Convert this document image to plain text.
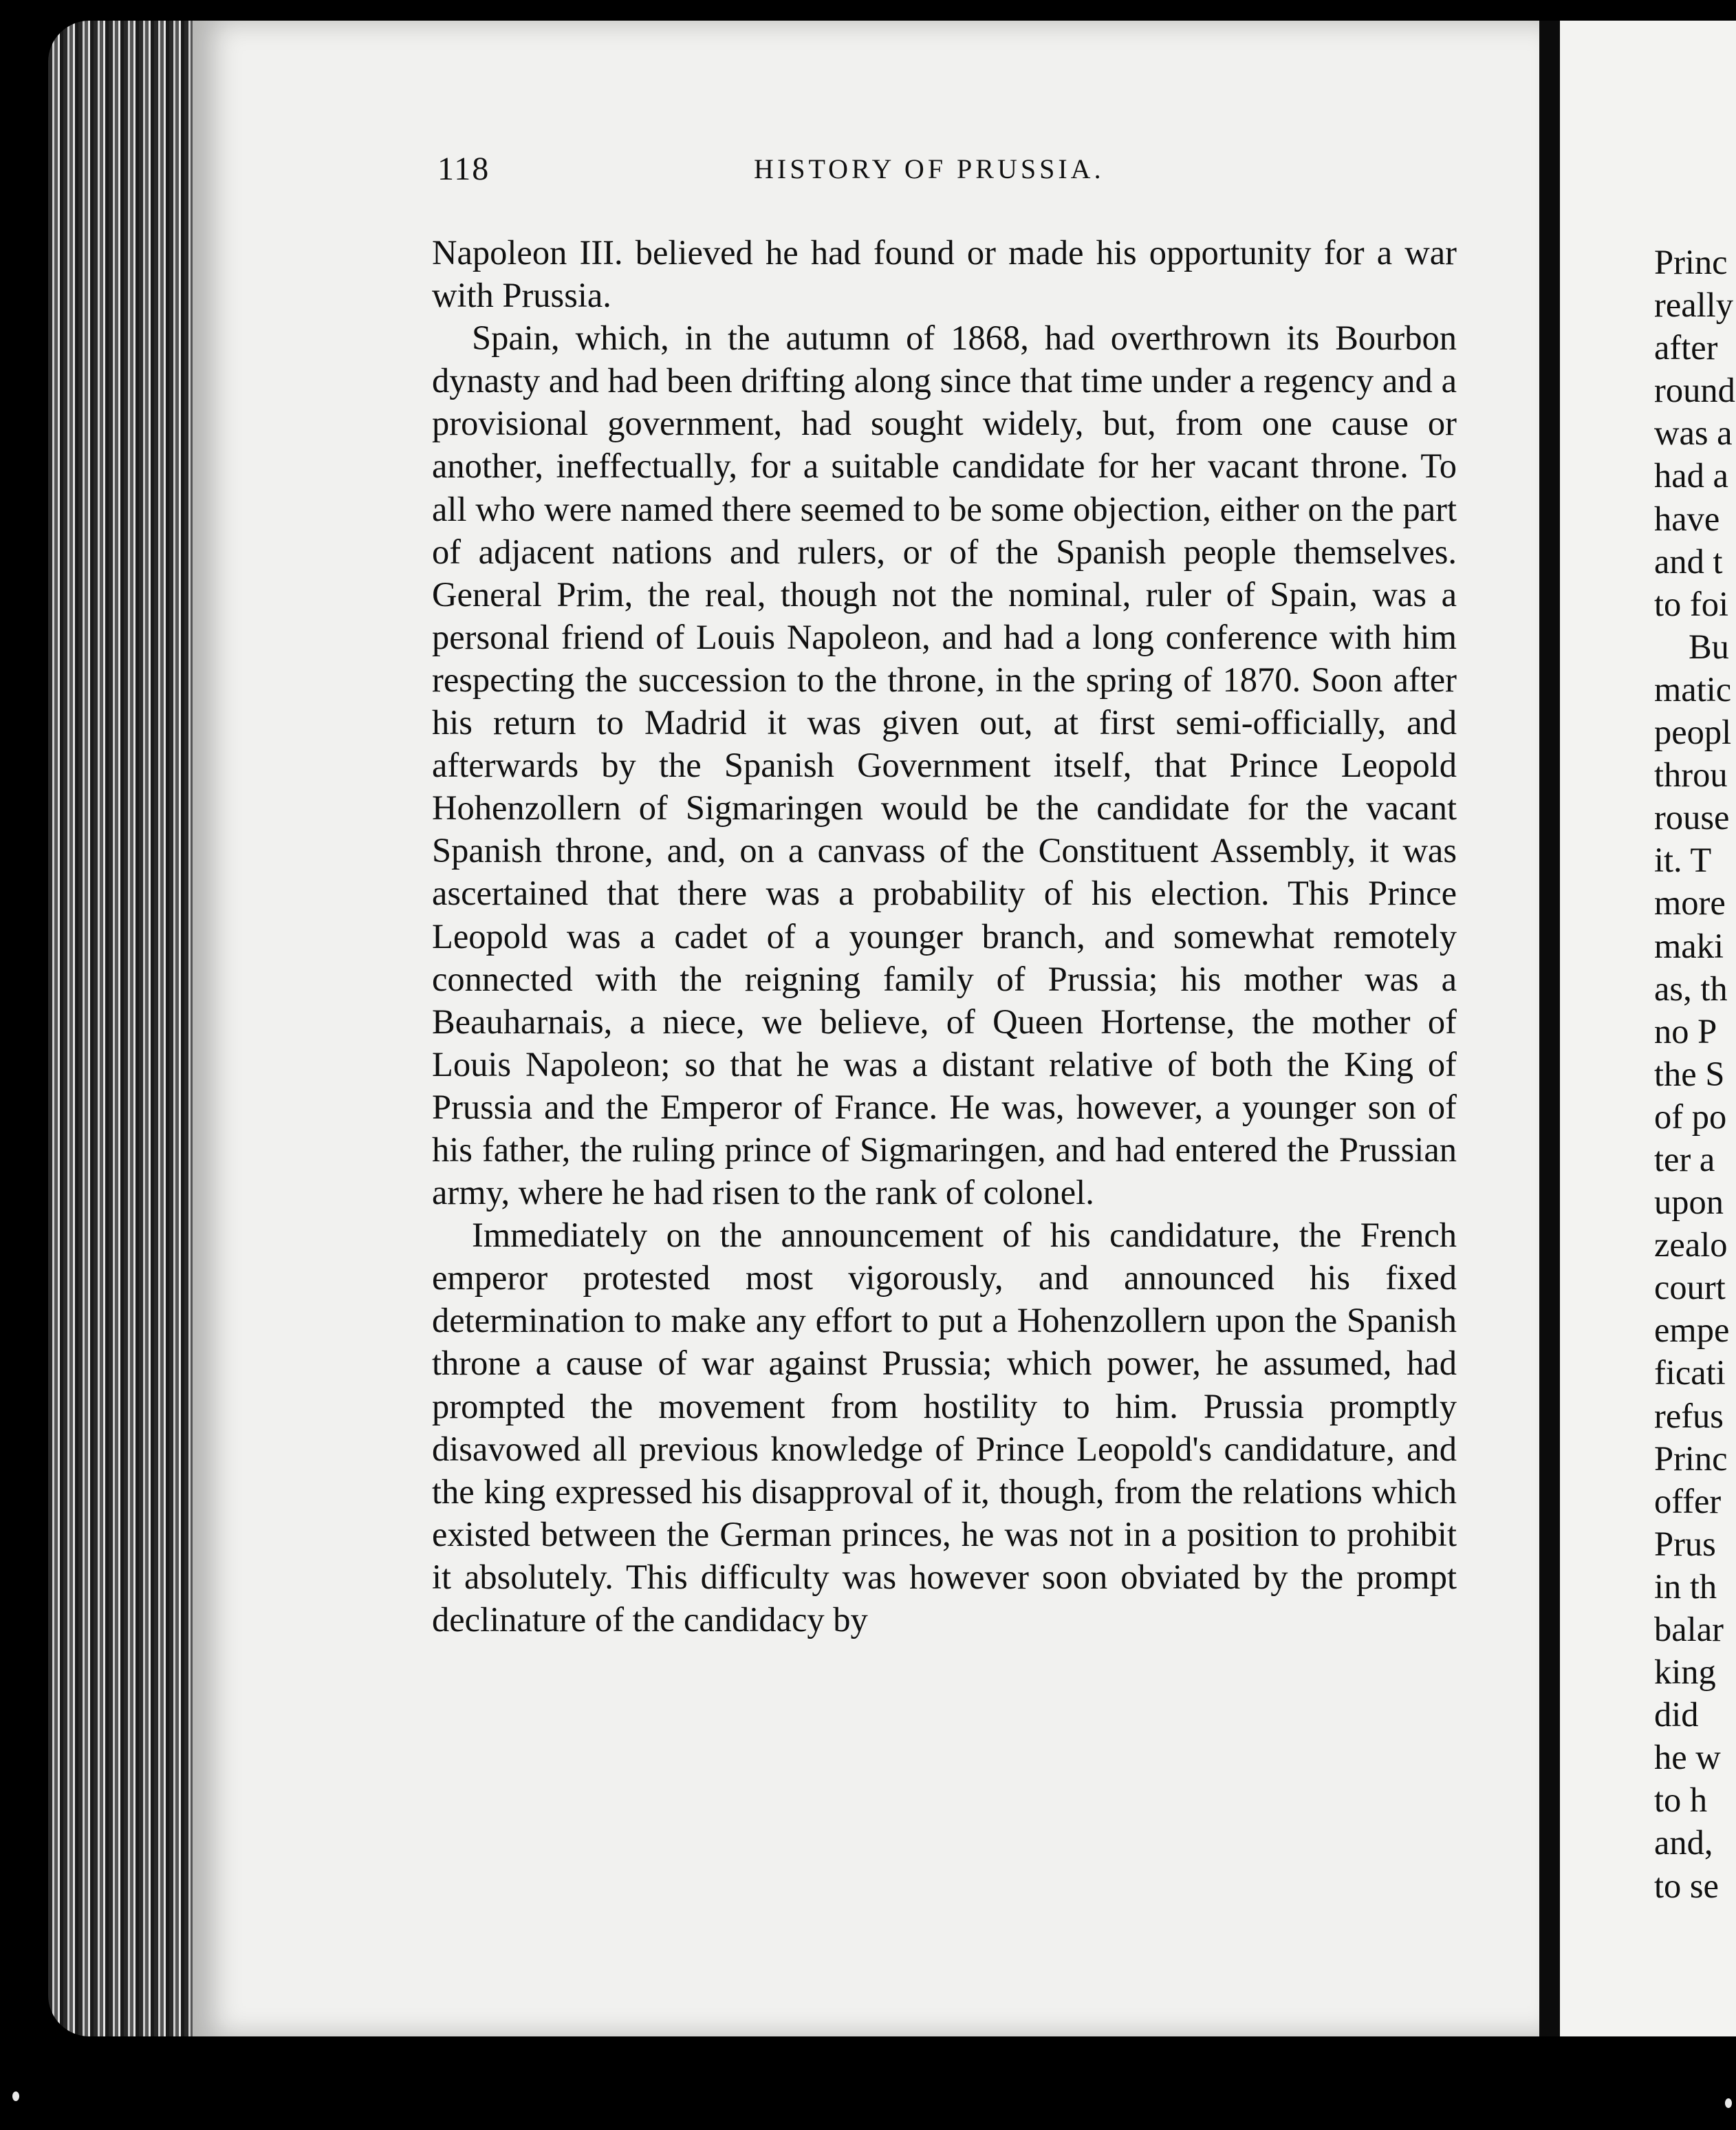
118	HISTORY OF PRUSSIA.

Napoleon III. believed he had found or made his opportunity for a war with Prussia.

Spain, which, in the autumn of 1868, had overthrown its Bourbon dynasty and had been drifting along since that time under a regency and a provisional government, had sought widely, but, from one cause or another, ineffectually, for a suitable candidate for her vacant throne. To all who were named there seemed to be some objection, either on the part of adjacent nations and rulers, or of the Spanish people themselves. General Prim, the real, though not the nominal, ruler of Spain, was a personal friend of Louis Napoleon, and had a long conference with him respecting the succession to the throne, in the spring of 1870. Soon after his return to Madrid it was given out, at first semi-officially, and afterwards by the Spanish Government itself, that Prince Leopold Hohenzollern of Sigmaringen would be the candidate for the vacant Spanish throne, and, on a canvass of the Constituent Assembly, it was ascertained that there was a probability of his election. This Prince Leopold was a cadet of a younger branch, and somewhat remotely connected with the reigning family of Prussia; his mother was a Beauharnais, a niece, we believe, of Queen Hortense, the mother of Louis Napoleon; so that he was a distant relative of both the King of Prussia and the Emperor of France. He was, however, a younger son of his father, the ruling prince of Sigmaringen, and had entered the Prussian army, where he had risen to the rank of colonel.

Immediately on the announcement of his candidature, the French emperor protested most vigorously, and announced his fixed determination to make any effort to put a Hohenzollern upon the Spanish throne a cause of war against Prussia; which power, he assumed, had prompted the movement from hostility to him. Prussia promptly disavowed all previous knowledge of Prince Leopold's candidature, and the king expressed his disapproval of it, though, from the relations which existed between the German princes, he was not in a position to prohibit it absolutely. This difficulty was however soon obviated by the prompt declinature of the candidacy by

Princ
really
after
round
was a
had a
have
and t
to foi
Bu
matic
peopl
throu
rouse
it. T
more
maki
as, th
no P
the S
of po
ter a
upon
zealo
court
empe
ficati
refus
Princ
offer
Prus
in th
balar
king
did
he w
to h
and,
to se
